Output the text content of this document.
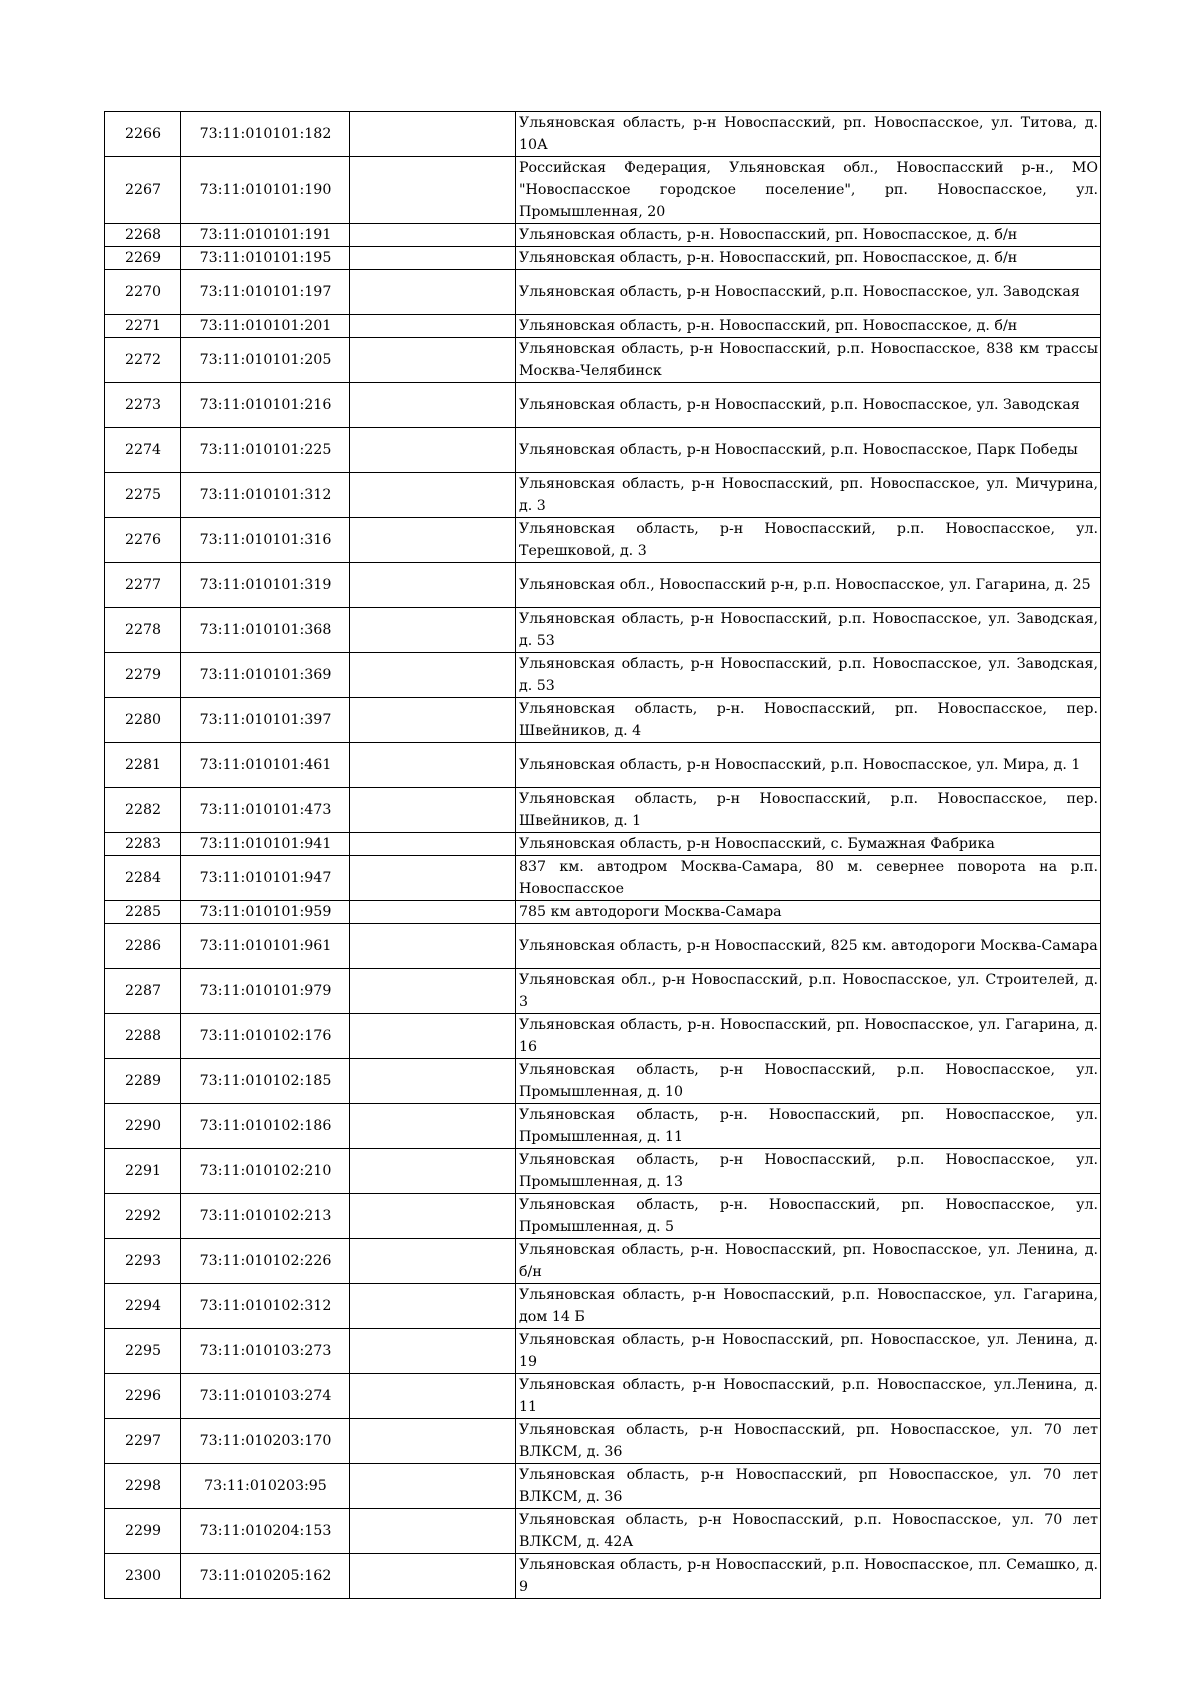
2266	73:11:010101:182		Ульяновская область, р-н Новоспасский, рп. Новоспасское, ул. Титова, д. 10А
2267	73:11:010101:190		Российская Федерация, Ульяновская обл., Новоспасский р-н., МО "Новоспасское городское поселение", рп. Новоспасское, ул. Промышленная, 20
2268	73:11:010101:191		Ульяновская область, р-н. Новоспасский, рп. Новоспасское, д. б/н
2269	73:11:010101:195		Ульяновская область, р-н. Новоспасский, рп. Новоспасское, д. б/н
2270	73:11:010101:197		Ульяновская область, р-н Новоспасский, р.п. Новоспасское, ул. Заводская
2271	73:11:010101:201		Ульяновская область, р-н. Новоспасский, рп. Новоспасское, д. б/н
2272	73:11:010101:205		Ульяновская область, р-н Новоспасский, р.п. Новоспасское, 838 км трассы Москва-Челябинск
2273	73:11:010101:216		Ульяновская область, р-н Новоспасский, р.п. Новоспасское, ул. Заводская
2274	73:11:010101:225		Ульяновская область, р-н Новоспасский, р.п. Новоспасское, Парк Победы
2275	73:11:010101:312		Ульяновская область, р-н Новоспасский, рп. Новоспасское, ул. Мичурина, д. 3
2276	73:11:010101:316		Ульяновская область, р-н Новоспасский, р.п. Новоспасское, ул. Терешковой, д. 3
2277	73:11:010101:319		Ульяновская обл., Новоспасский р-н, р.п. Новоспасское, ул. Гагарина, д. 25
2278	73:11:010101:368		Ульяновская область, р-н Новоспасский, р.п. Новоспасское, ул. Заводская, д. 53
2279	73:11:010101:369		Ульяновская область, р-н Новоспасский, р.п. Новоспасское, ул. Заводская, д. 53
2280	73:11:010101:397		Ульяновская область, р-н. Новоспасский, рп. Новоспасское, пер. Швейников, д. 4
2281	73:11:010101:461		Ульяновская область, р-н Новоспасский, р.п. Новоспасское, ул. Мира, д. 1
2282	73:11:010101:473		Ульяновская область, р-н Новоспасский, р.п. Новоспасское, пер. Швейников, д. 1
2283	73:11:010101:941		Ульяновская область, р-н Новоспасский, с. Бумажная Фабрика
2284	73:11:010101:947		837 км. автодром Москва-Самара, 80 м. севернее поворота на р.п. Новоспасское
2285	73:11:010101:959		785 км автодороги Москва-Самара
2286	73:11:010101:961		Ульяновская область, р-н Новоспасский, 825 км. автодороги Москва-Самара
2287	73:11:010101:979		Ульяновская обл., р-н Новоспасский, р.п. Новоспасское, ул. Строителей, д. 3
2288	73:11:010102:176		Ульяновская область, р-н. Новоспасский, рп. Новоспасское, ул. Гагарина, д. 16
2289	73:11:010102:185		Ульяновская область, р-н Новоспасский, р.п. Новоспасское, ул. Промышленная, д. 10
2290	73:11:010102:186		Ульяновская область, р-н. Новоспасский, рп. Новоспасское, ул. Промышленная, д. 11
2291	73:11:010102:210		Ульяновская область, р-н Новоспасский, р.п. Новоспасское, ул. Промышленная, д. 13
2292	73:11:010102:213		Ульяновская область, р-н. Новоспасский, рп. Новоспасское, ул. Промышленная, д. 5
2293	73:11:010102:226		Ульяновская область, р-н. Новоспасский, рп. Новоспасское, ул. Ленина, д. б/н
2294	73:11:010102:312		Ульяновская область, р-н Новоспасский, р.п. Новоспасское, ул. Гагарина, дом 14 Б
2295	73:11:010103:273		Ульяновская область, р-н Новоспасский, рп. Новоспасское, ул. Ленина, д. 19
2296	73:11:010103:274		Ульяновская область, р-н Новоспасский, р.п. Новоспасское, ул.Ленина, д. 11
2297	73:11:010203:170		Ульяновская область, р-н Новоспасский, рп. Новоспасское, ул. 70 лет ВЛКСМ, д. 36
2298	73:11:010203:95		Ульяновская область, р-н Новоспасский, рп Новоспасское, ул. 70 лет ВЛКСМ, д. 36
2299	73:11:010204:153		Ульяновская область, р-н Новоспасский, р.п. Новоспасское, ул. 70 лет ВЛКСМ, д. 42А
2300	73:11:010205:162		Ульяновская область, р-н Новоспасский, р.п. Новоспасское, пл. Семашко, д. 9
